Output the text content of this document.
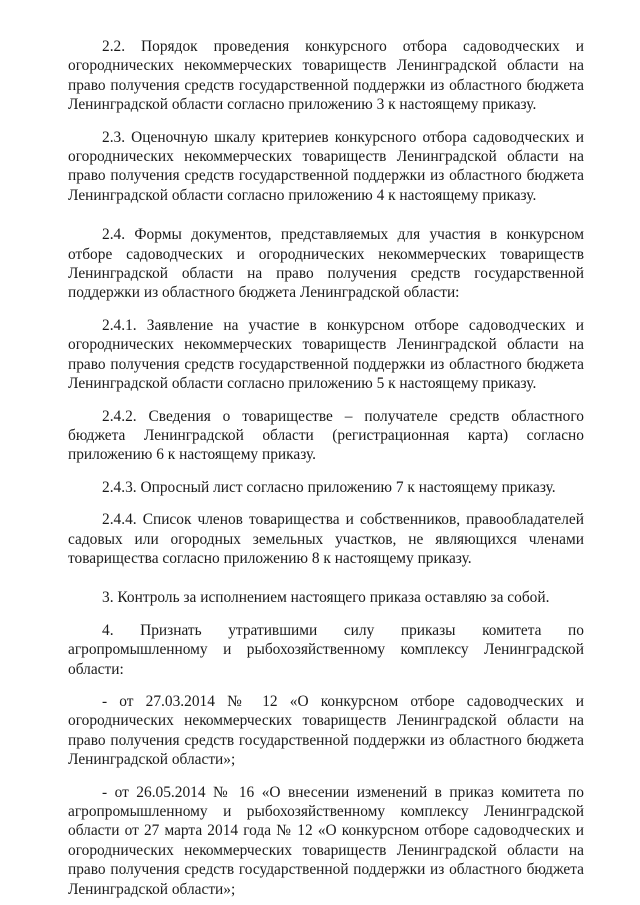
2.2. Порядок проведения конкурсного отбора садоводческих и огороднических некоммерческих товариществ Ленинградской области на право получения средств государственной поддержки из областного бюджета Ленинградской области согласно приложению 3 к настоящему приказу.

2.3. Оценочную шкалу критериев конкурсного отбора садоводческих и огороднических некоммерческих товариществ Ленинградской области на право получения средств государственной поддержки из областного бюджета Ленинградской области согласно приложению 4 к настоящему приказу.

2.4. Формы документов, представляемых для участия в конкурсном отборе садоводческих и огороднических некоммерческих товариществ Ленинградской области на право получения средств государственной поддержки из областного бюджета Ленинградской области:

2.4.1. Заявление на участие в конкурсном отборе садоводческих и огороднических некоммерческих товариществ Ленинградской области на право получения средств государственной поддержки из областного бюджета Ленинградской области согласно приложению 5 к настоящему приказу.

2.4.2. Сведения о товариществе – получателе средств областного бюджета Ленинградской области (регистрационная карта) согласно приложению 6 к настоящему приказу.

2.4.3. Опросный лист согласно приложению 7 к настоящему приказу.

2.4.4. Список членов товарищества и собственников, правообладателей садовых или огородных земельных участков, не являющихся членами товарищества согласно приложению 8 к настоящему приказу.

3. Контроль за исполнением настоящего приказа оставляю за собой.

4. Признать утратившими силу приказы комитета по агропромышленному и рыбохозяйственному комплексу Ленинградской области:

- от 27.03.2014 № 12 «О конкурсном отборе садоводческих и огороднических некоммерческих товариществ Ленинградской области на право получения средств государственной поддержки из областного бюджета Ленинградской области»;

- от 26.05.2014 № 16 «О внесении изменений в приказ комитета по агропромышленному и рыбохозяйственному комплексу Ленинградской области от 27 марта 2014 года № 12 «О конкурсном отборе садоводческих и огороднических некоммерческих товариществ Ленинградской области на право получения средств государственной поддержки из областного бюджета Ленинградской области»;
